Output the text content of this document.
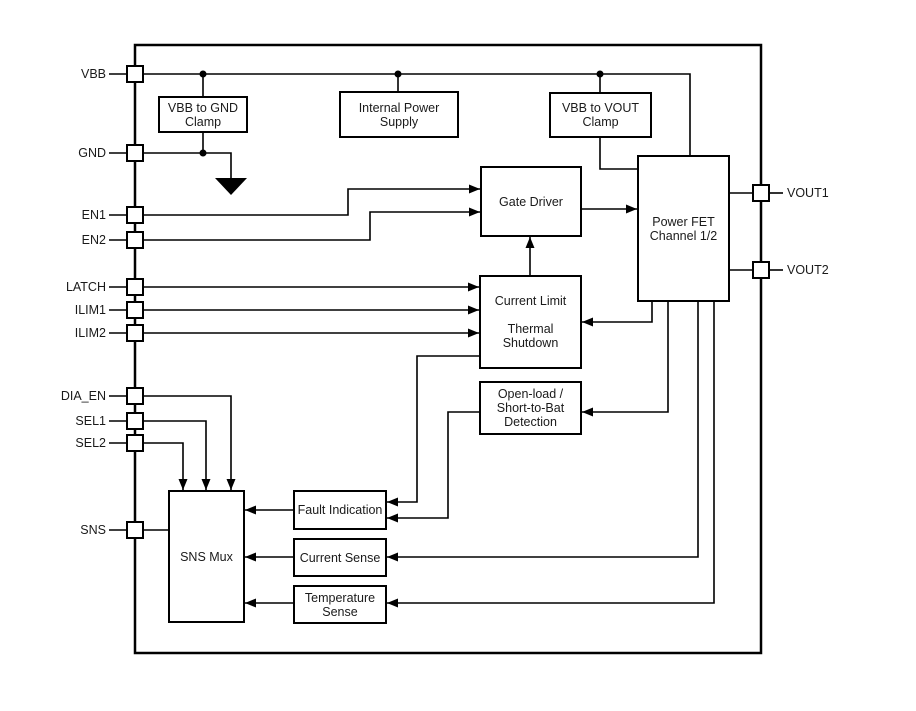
VBB
GND
EN1
EN2
LATCH
ILIM1
ILIM2
DIA_EN
SEL1
SEL2
SNS
VOUT1
VOUT2
VBB to GND
Clamp
Internal Power
Supply
VBB to VOUT
Clamp
Gate Driver
Power FET
Channel 1/2
Current Limit
Thermal
Shutdown
Open-load /
Short-to-Bat
Detection
Fault Indication
Current Sense
Temperature
Sense
SNS Mux
